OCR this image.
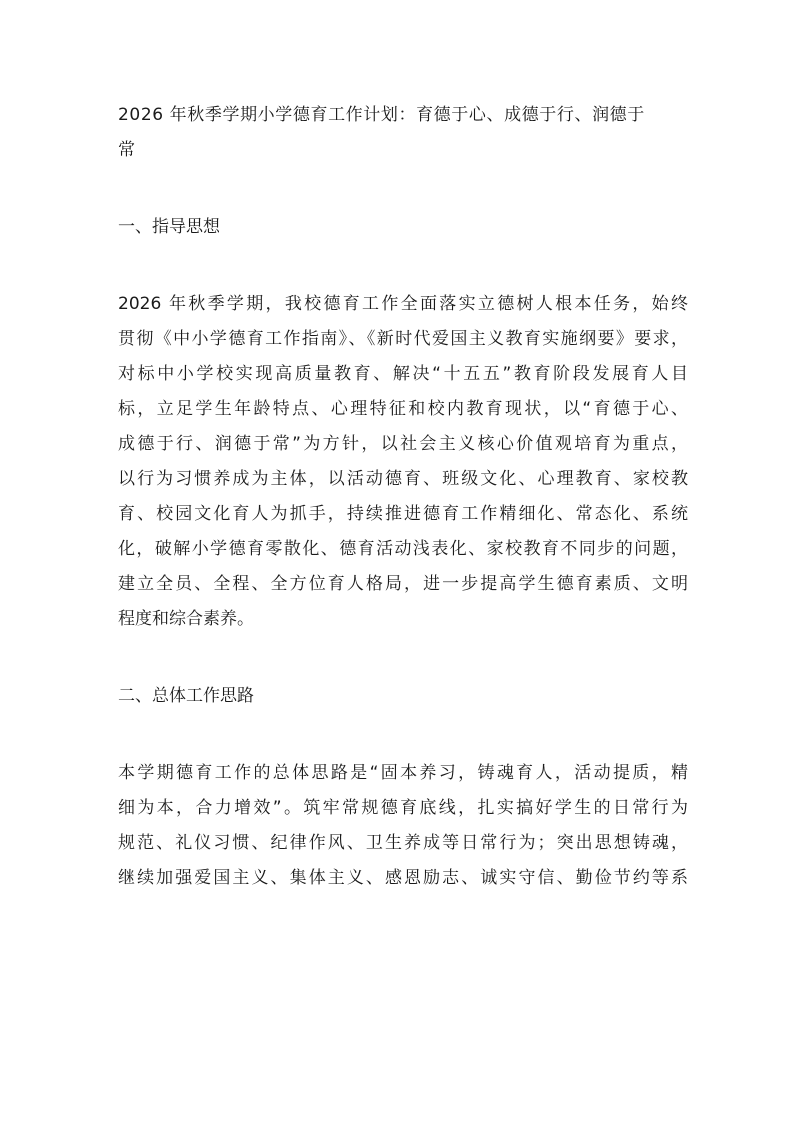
2026 年秋季学期小学德育工作计划：育德于心、成德于行、润德于
常
一、指导思想
2026 年秋季学期，我校德育工作全面落实立德树人根本任务，始终
贯彻《中小学德育工作指南》、《新时代爱国主义教育实施纲要》要求，
对标中小学校实现高质量教育、解决“十五五”教育阶段发展育人目
标，立足学生年龄特点、心理特征和校内教育现状，以“育德于心、
成德于行、润德于常”为方针，以社会主义核心价值观培育为重点，
以行为习惯养成为主体，以活动德育、班级文化、心理教育、家校教
育、校园文化育人为抓手，持续推进德育工作精细化、常态化、系统
化，破解小学德育零散化、德育活动浅表化、家校教育不同步的问题，
建立全员、全程、全方位育人格局，进一步提高学生德育素质、文明
程度和综合素养。
二、总体工作思路
本学期德育工作的总体思路是“固本养习，铸魂育人，活动提质，精
细为本，合力增效”。筑牢常规德育底线，扎实搞好学生的日常行为
规范、礼仪习惯、纪律作风、卫生养成等日常行为；突出思想铸魂，
继续加强爱国主义、集体主义、感恩励志、诚实守信、勤俭节约等系
